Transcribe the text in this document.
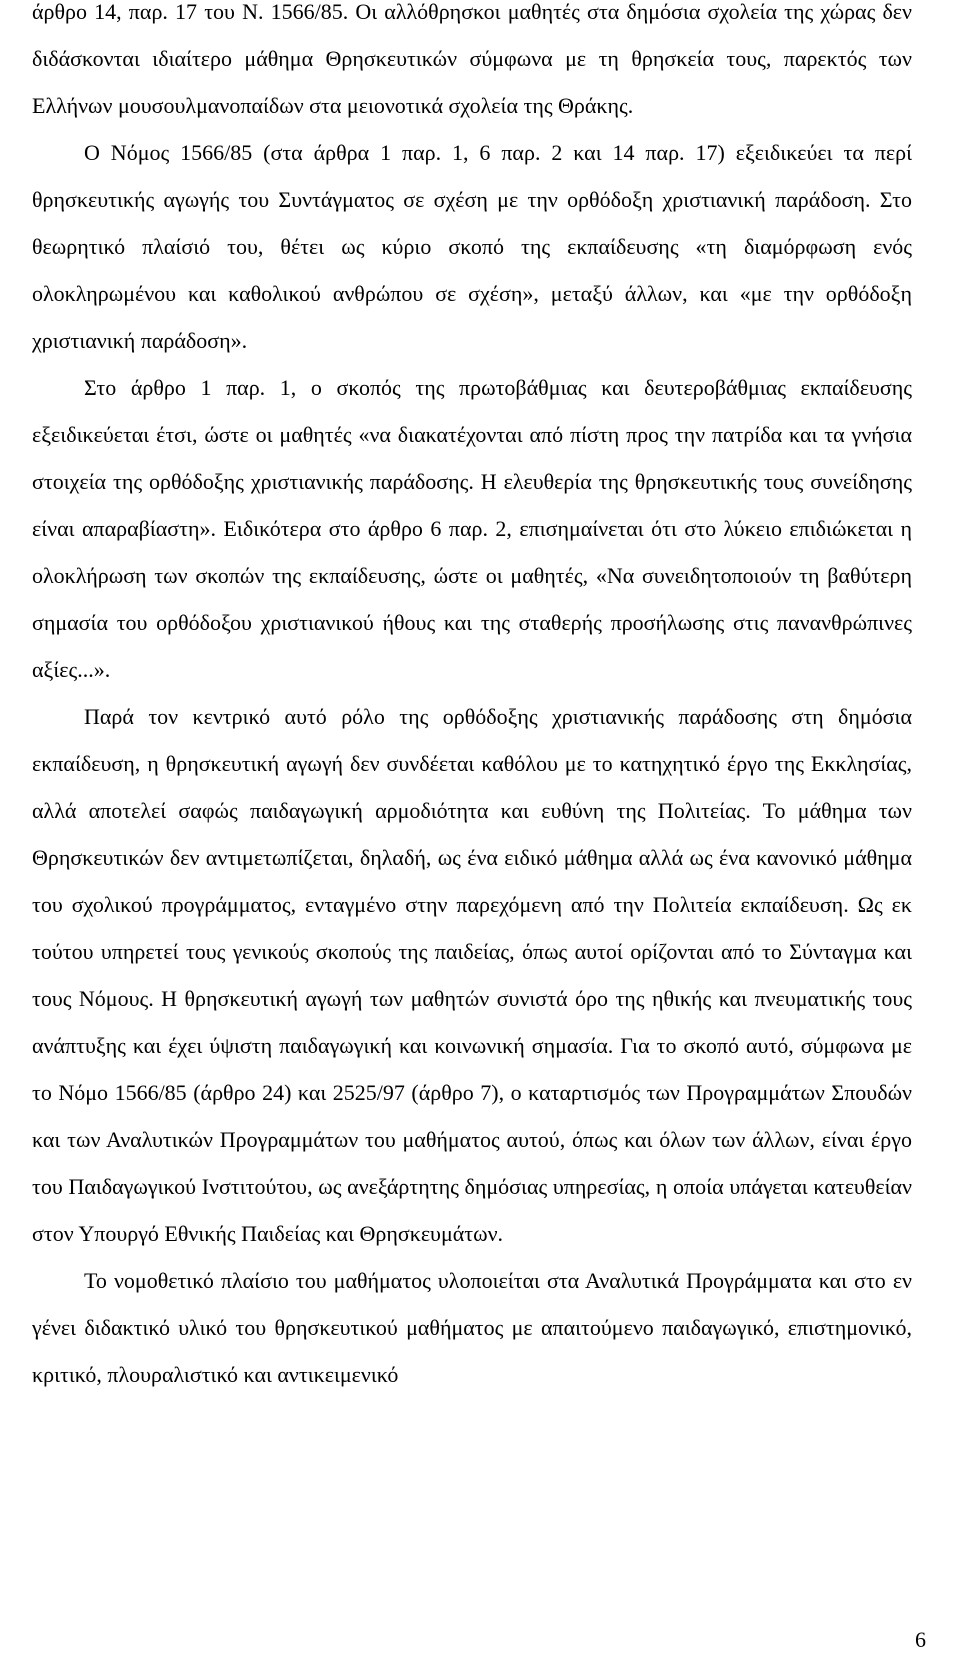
άρθρο 14, παρ. 17 του Ν. 1566/85. Οι αλλόθρησκοι μαθητές στα δημόσια σχολεία της χώρας δεν διδάσκονται ιδιαίτερο μάθημα Θρησκευτικών σύμφωνα με τη θρησκεία τους, παρεκτός των Ελλήνων μουσουλμανοπαίδων στα μειονοτικά σχολεία της Θράκης.

Ο Νόμος 1566/85 (στα άρθρα 1 παρ. 1, 6 παρ. 2 και 14 παρ. 17) εξειδικεύει τα περί θρησκευτικής αγωγής του Συντάγματος σε σχέση με την ορθόδοξη χριστιανική παράδοση. Στο θεωρητικό πλαίσιό του, θέτει ως κύριο σκοπό της εκπαίδευσης «τη διαμόρφωση ενός ολοκληρωμένου και καθολικού ανθρώπου σε σχέση», μεταξύ άλλων, και «με την ορθόδοξη χριστιανική παράδοση».

Στο άρθρο 1 παρ. 1, ο σκοπός της πρωτοβάθμιας και δευτεροβάθμιας εκπαίδευσης εξειδικεύεται έτσι, ώστε οι μαθητές «να διακατέχονται από πίστη προς την πατρίδα και τα γνήσια στοιχεία της ορθόδοξης χριστιανικής παράδοσης. Η ελευθερία της θρησκευτικής τους συνείδησης είναι απαραβίαστη». Ειδικότερα στο άρθρο 6 παρ. 2, επισημαίνεται ότι στο λύκειο επιδιώκεται η ολοκλήρωση των σκοπών της εκπαίδευσης, ώστε οι μαθητές, «Να συνειδητοποιούν τη βαθύτερη σημασία του ορθόδοξου χριστιανικού ήθους και της σταθερής προσήλωσης στις πανανθρώπινες αξίες...».

Παρά τον κεντρικό αυτό ρόλο της ορθόδοξης χριστιανικής παράδοσης στη δημόσια εκπαίδευση, η θρησκευτική αγωγή δεν συνδέεται καθόλου με το κατηχητικό έργο της Εκκλησίας, αλλά αποτελεί σαφώς παιδαγωγική αρμοδιότητα και ευθύνη της Πολιτείας. Το μάθημα των Θρησκευτικών δεν αντιμετωπίζεται, δηλαδή, ως ένα ειδικό μάθημα αλλά ως ένα κανονικό μάθημα του σχολικού προγράμματος, ενταγμένο στην παρεχόμενη από την Πολιτεία εκπαίδευση. Ως εκ τούτου υπηρετεί τους γενικούς σκοπούς της παιδείας, όπως αυτοί ορίζονται από το Σύνταγμα και τους Νόμους. Η θρησκευτική αγωγή των μαθητών συνιστά όρο της ηθικής και πνευματικής τους ανάπτυξης και έχει ύψιστη παιδαγωγική και κοινωνική σημασία. Για το σκοπό αυτό, σύμφωνα με το Νόμο 1566/85 (άρθρο 24) και 2525/97 (άρθρο 7), ο καταρτισμός των Προγραμμάτων Σπουδών και των Αναλυτικών Προγραμμάτων του μαθήματος αυτού, όπως και όλων των άλλων, είναι έργο του Παιδαγωγικού Ινστιτούτου, ως ανεξάρτητης δημόσιας υπηρεσίας, η οποία υπάγεται κατευθείαν στον Υπουργό Εθνικής Παιδείας και Θρησκευμάτων.

Το νομοθετικό πλαίσιο του μαθήματος υλοποιείται στα Αναλυτικά Προγράμματα και στο εν γένει διδακτικό υλικό του θρησκευτικού μαθήματος με απαιτούμενο παιδαγωγικό, επιστημονικό, κριτικό, πλουραλιστικό και αντικειμενικό

6
